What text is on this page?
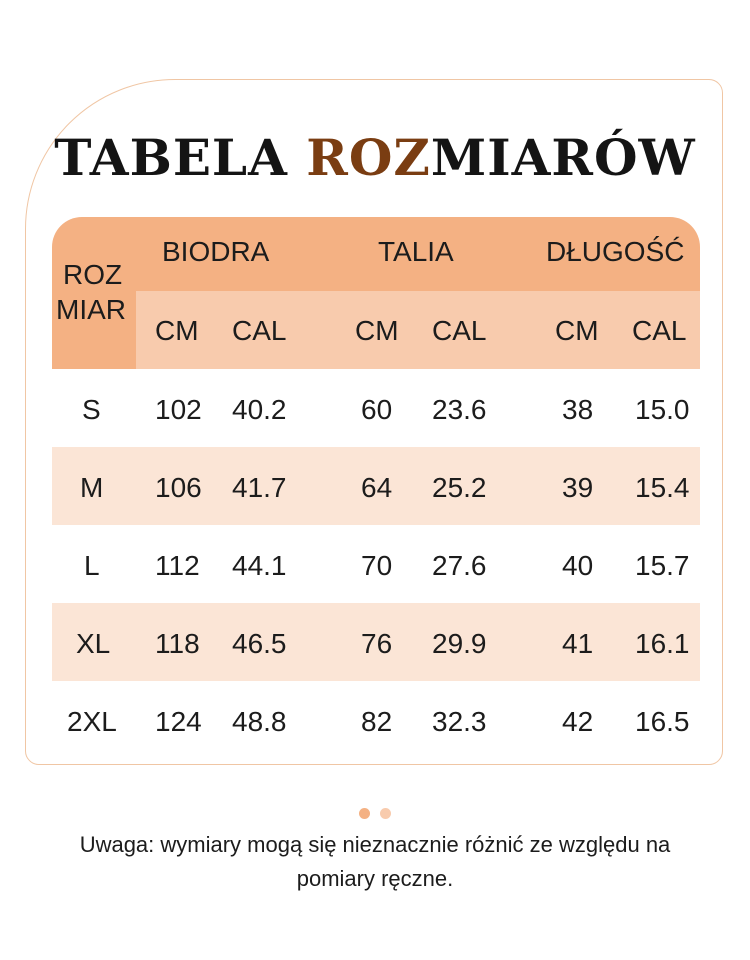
TABELA ROZMIARÓW
ROZ
MIAR
BIODRA	TALIA	DŁUGOŚĆ
CM CAL CM CAL CM CAL
S 102 40.2	60 23.6	38 15.0
M 106 41.7	64 25.2	39 15.4
L 112 44.1	70 27.6	40 15.7
XL 118 46.5	76 29.9	41 16.1
2XL 124 48.8	82 32.3	42 16.5
Uwaga: wymiary mogą się nieznacznie różnić ze względu na
pomiary ręczne.
